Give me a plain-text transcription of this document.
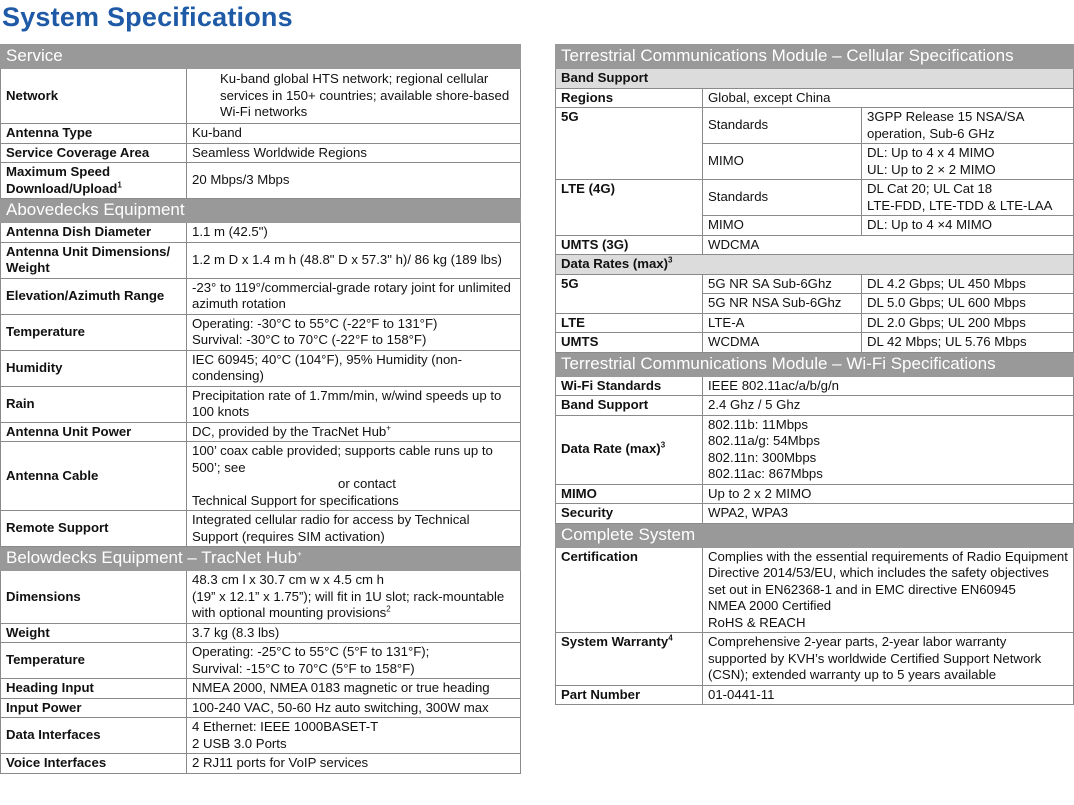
System Specifications
Service	
Network	Ku-band global HTS network; regional cellular services in 150+ countries; available shore-based Wi-Fi networks
Antenna Type	Ku-band
Service Coverage Area	Seamless Worldwide Regions
Maximum Speed Download/Upload$^1$	20 Mbps/3 Mbps
Abovedecks Equipment	
Antenna Dish Diameter	1.1 m (42.5")
Antenna Unit Dimensions/ Weight	1.2 m D x 1.4 m h (48.8" D x 57.3" h)/ 86 kg (189 lbs)
Elevation/Azimuth Range	-23° to 119°/commercial-grade rotary joint for unlimited azimuth rotation
Temperature	Operating: -30°C to 55°C (-22°F to 131°F)
Survival: -30°C to 70°C (-22°F to 158°F)

Humidity	IEC 60945; 40°C (104°F), 95% Humidity (non-condensing)
Rain	Precipitation rate of 1.7mm/min, w/wind speeds up to 100 knots
Antenna Unit Power	DC, provided by the TracNet Hub+
Antenna Cable	100’ coax cable provided; supports cable runs up to 500’; see
or contact
Technical Support for specifications

Remote Support	Integrated cellular radio for access by Technical Support (requires SIM activation)
Belowdecks Equipment – TracNet Hub+
Dimensions	48.3 cm l x 30.7 cm w x 4.5 cm h
(19” x 12.1” x 1.75”); will fit in 1U slot; rack-mountable with optional mounting provisions$^2$
Weight	3.7 kg (8.3 lbs)
Temperature	Operating: -25°C to 55°C (5°F to 131°F);
Survival: -15°C to 70°C (5°F to 158°F)

Heading Input	NMEA 2000, NMEA 0183 magnetic or true heading
Input Power	100-240 VAC, 50-60 Hz auto switching, 300W max
Data Interfaces	4 Ethernet: IEEE 1000BASET-T
2 USB 3.0 Ports

Voice Interfaces	2 RJ11 ports for VoIP services
Terrestrial Communications Module – Cellular Specifications		
Band Support		
Regions	Global, except China	
5G	Standards	3GPP Release 15 NSA/SA operation, Sub-6 GHz
	MIMO	DL: Up to 4 x 4 MIMO
UL: Up to 2 × 2 MIMO

LTE (4G)	Standards	DL Cat 20; UL Cat 18
LTE-FDD, LTE-TDD & LTE-LAA

	MIMO	DL: Up to 4 ×4 MIMO
UMTS (3G)	WDCMA	
Data Rates $(\max)^3$
5G	5G NR SA Sub-6Ghz	DL 4.2 Gbps; UL 450 Mbps
	5G NR NSA Sub-6Ghz	DL 5.0 Gbps; UL 600 Mbps
LTE	LTE-A	DL 2.0 Gbps; UL 200 Mbps
UMTS	WCDMA	DL 42 Mbps; UL 5.76 Mbps
Terrestrial Communications Module – Wi-Fi Specifications		
Wi-Fi Standards	IEEE 802.11ac/a/b/g/n	
Band Support	2.4 Ghz / 5 Ghz	
Data Rate $(\max)^3$	802.11b: 11Mbps
802.11a/g: 54Mbps
802.11n: 300Mbps
802.11ac: 867Mbps	

MIMO	Up to 2 x 2 MIMO	
Security	WPA2, WPA3	
Complete System		
Certification	Complies with the essential requirements of Radio Equipment Directive 2014/53/EU, which includes the safety objectives set out in EN62368-1 and in EMC directive EN60945
NMEA 2000 Certified
RoHS & REACH	

System Warranty$^4$	Comprehensive 2-year parts, 2-year labor warranty supported by KVH’s worldwide Certified Support Network (CSN); extended warranty up to 5 years available	
Part Number	01-0441-11	
